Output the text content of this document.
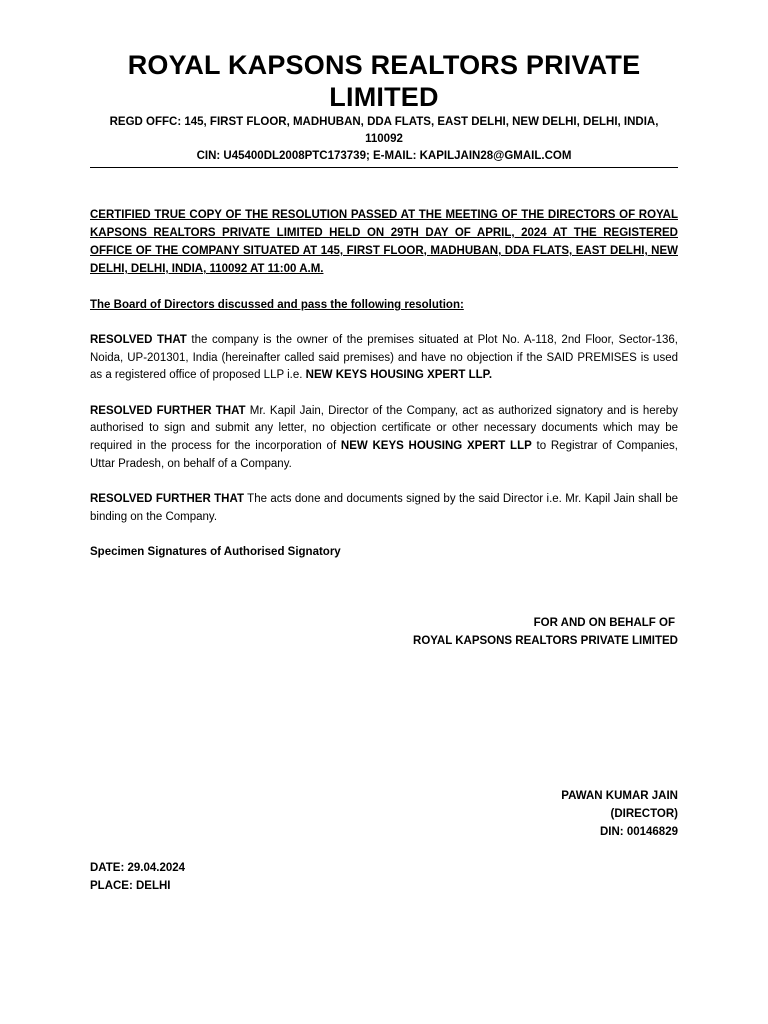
ROYAL KAPSONS REALTORS PRIVATE LIMITED
REGD OFFC: 145, FIRST FLOOR, MADHUBAN, DDA FLATS, EAST DELHI, NEW DELHI, DELHI, INDIA, 110092
CIN: U45400DL2008PTC173739; E-MAIL: KAPILJAIN28@GMAIL.COM

CERTIFIED TRUE COPY OF THE RESOLUTION PASSED AT THE MEETING OF THE DIRECTORS OF ROYAL KAPSONS REALTORS PRIVATE LIMITED HELD ON 29TH DAY OF APRIL, 2024 AT THE REGISTERED OFFICE OF THE COMPANY SITUATED AT 145, FIRST FLOOR, MADHUBAN, DDA FLATS, EAST DELHI, NEW DELHI, DELHI, INDIA, 110092 AT 11:00 A.M.

The Board of Directors discussed and pass the following resolution:

RESOLVED THAT the company is the owner of the premises situated at Plot No. A-118, 2nd Floor, Sector-136, Noida, UP-201301, India (hereinafter called said premises) and have no objection if the SAID PREMISES is used as a registered office of proposed LLP i.e. NEW KEYS HOUSING XPERT LLP.

RESOLVED FURTHER THAT Mr. Kapil Jain, Director of the Company, act as authorized signatory and is hereby authorised to sign and submit any letter, no objection certificate or other necessary documents which may be required in the process for the incorporation of NEW KEYS HOUSING XPERT LLP to Registrar of Companies, Uttar Pradesh, on behalf of a Company.

RESOLVED FURTHER THAT The acts done and documents signed by the said Director i.e. Mr. Kapil Jain shall be binding on the Company.

Specimen Signatures of Authorised Signatory

FOR AND ON BEHALF OF
ROYAL KAPSONS REALTORS PRIVATE LIMITED
PAWAN KUMAR JAIN
(DIRECTOR)
DIN: 00146829
DATE: 29.04.2024
PLACE: DELHI
